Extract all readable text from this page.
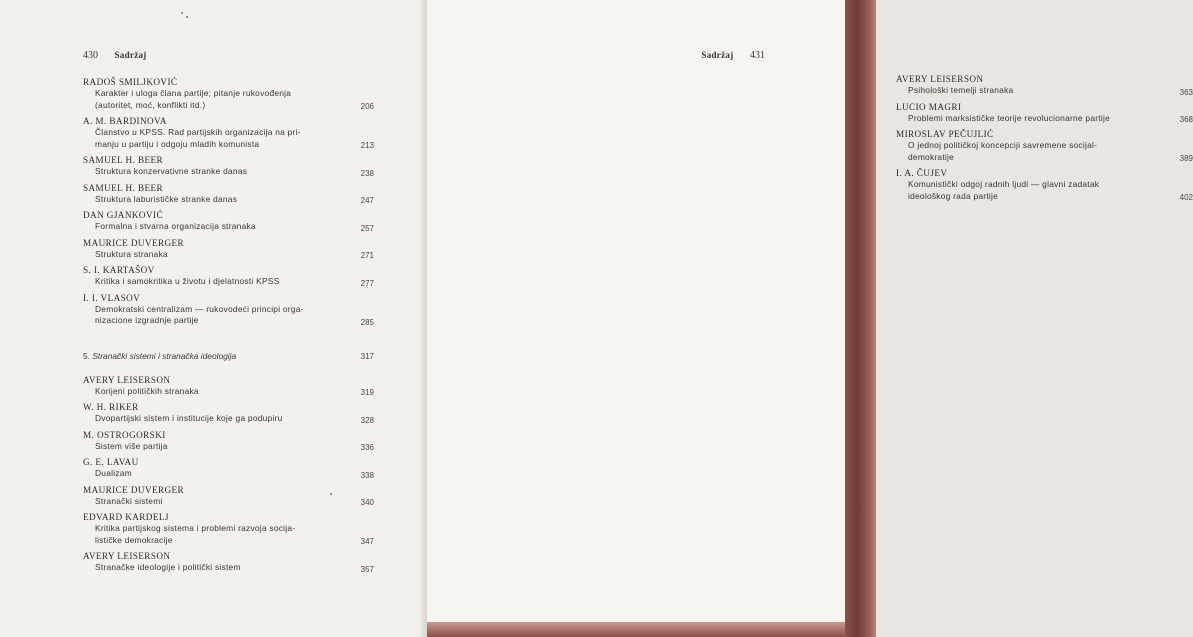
430 Sadržaj
RADOŠ SMILJKOVIĆ
Karakter i uloga člana partije; pitanje rukovođenja
(autoritet, moć, konflikti itd.)	206
A. M. BARDINOVA
Članstvo u KPSS. Rad partijskih organizacija na pri-
manju u partiju i odgoju mladih komunista	213
SAMUEL H. BEER
Struktura konzervativne stranke danas	238
SAMUEL H. BEER
Struktura laburističke stranke danas	247
DAN GJANKOVIĆ
Formalna i stvarna organizacija stranaka	257
MAURICE DUVERGER
Struktura stranaka	271
S. I. KARTAŠOV
Kritika i samokritika u životu i djelatnosti KPSS	277
I. I. VLASOV
Demokratski centralizam — rukovodeći principi orga-
nizacione izgradnje partije	285
5. Stranački sistemi i stranačka ideologija	317
AVERY LEISERSON
Korijeni političkih stranaka	319
W. H. RIKER
Dvopartijski sistem i institucije koje ga podupiru	328
M. OSTROGORSKI
Sistem više partija	336
G. E. LAVAU
Dualizam	338
MAURICE DUVERGER
Stranački sistemi	340
EDVARD KARDELJ
Kritika partijskog sistema i problemi razvoja socija-
lističke demokracije	347
AVERY LEISERSON
Stranačke ideologije i politički sistem	357
Sadržaj 431
AVERY LEISERSON
Psihološki temelji stranaka	363
LUCIO MAGRI
Problemi marksističke teorije revolucionarne partije	368
MIROSLAV PEČUJLIĆ
O jednoj političkoj koncepciji savremene socijal-
demokratije	389
I. A. ČUJEV
Komunistički odgoj radnih ljudi — glavni zadatak
ideološkog rada partije	402
